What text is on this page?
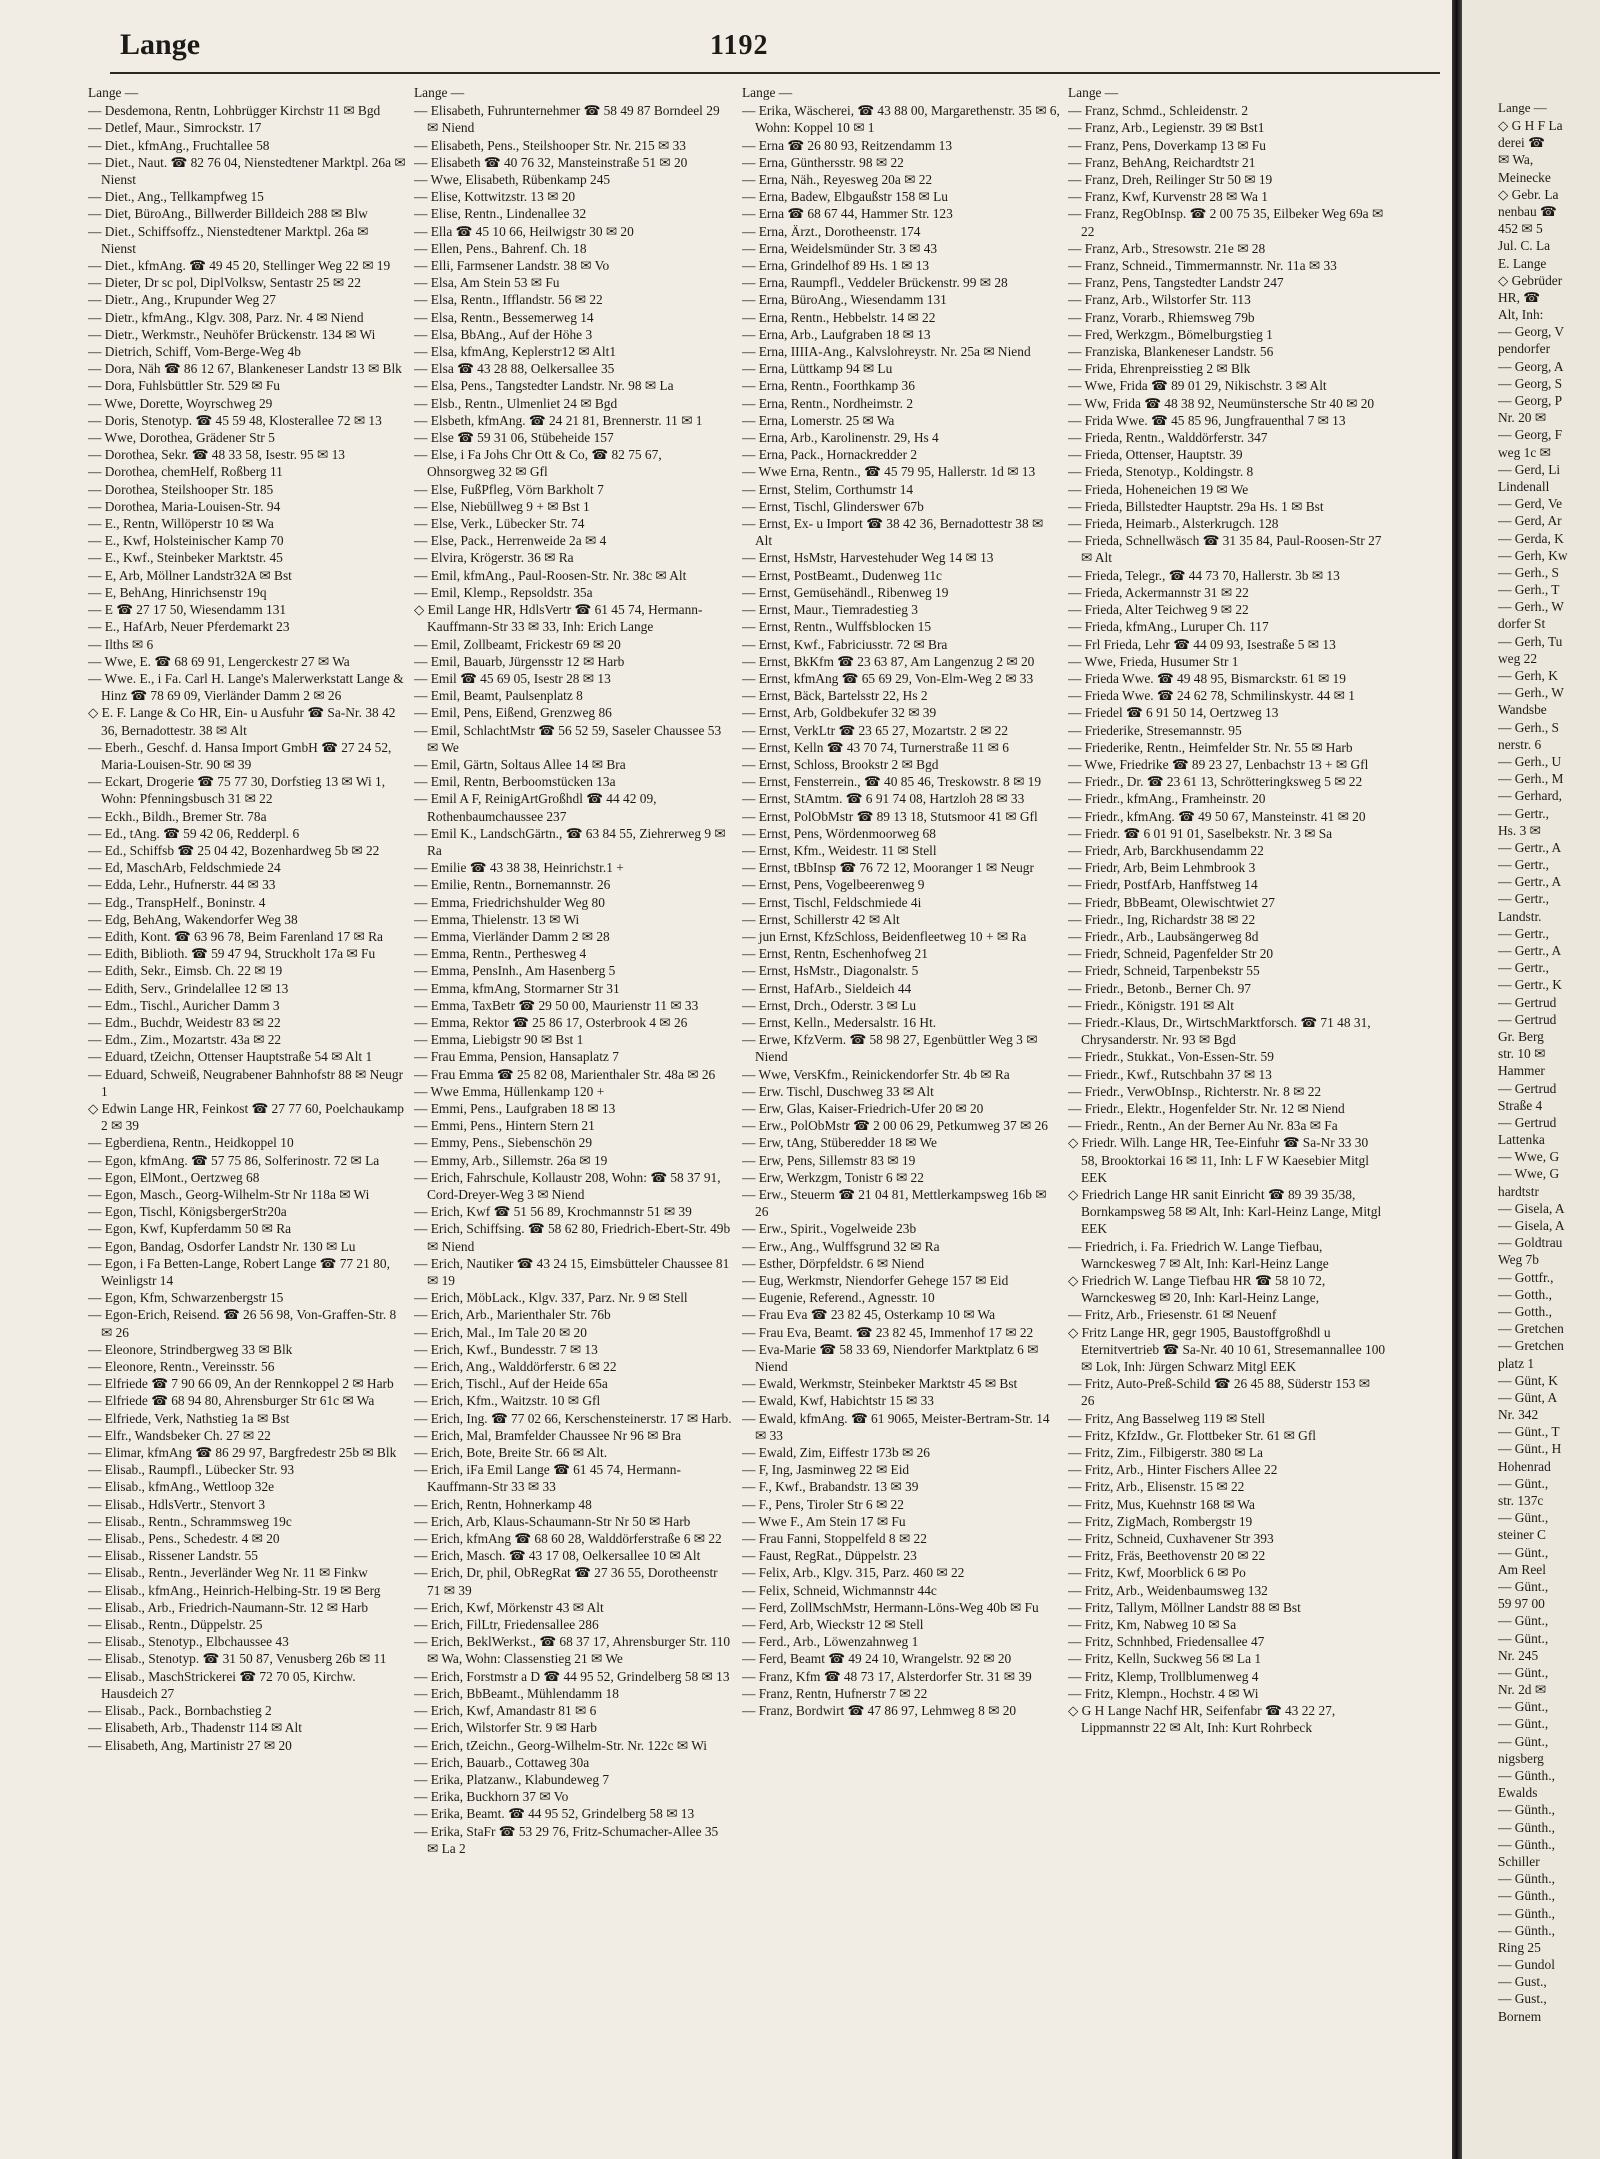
Lange	1192
Lange —
— Desdemona, Rentn, Lohbrügger Kirchstr 11 ✉ Bgd
— Detlef, Maur., Simrockstr. 17
— Diet., kfmAng., Fruchtallee 58
— Diet., Naut. ☎ 82 76 04, Nienstedtener Marktpl. 26a ✉ Nienst
— Diet., Ang., Tellkampfweg 15
— Diet, BüroAng., Billwerder Billdeich 288 ✉ Blw
— Diet., Schiffsoffz., Nienstedtener Marktpl. 26a ✉ Nienst
— Diet., kfmAng. ☎ 49 45 20, Stellinger Weg 22 ✉ 19
— Dieter, Dr sc pol, DiplVolksw, Sentastr 25 ✉ 22
— Dietr., Ang., Krupunder Weg 27
— Dietr., kfmAng., Klgv. 308, Parz. Nr. 4 ✉ Niend
— Dietr., Werkmstr., Neuhöfer Brückenstr. 134 ✉ Wi
— Dietrich, Schiff, Vom-Berge-Weg 4b
— Dora, Näh ☎ 86 12 67, Blankeneser Landstr 13 ✉ Blk
— Dora, Fuhlsbüttler Str. 529 ✉ Fu
— Wwe, Dorette, Woyrschweg 29
— Doris, Stenotyp. ☎ 45 59 48, Klosterallee 72 ✉ 13
— Wwe, Dorothea, Grädener Str 5
— Dorothea, Sekr. ☎ 48 33 58, Isestr. 95 ✉ 13
— Dorothea, chemHelf, Roßberg 11
— Dorothea, Steilshooper Str. 185
— Dorothea, Maria-Louisen-Str. 94
— E., Rentn, Willöperstr 10 ✉ Wa
— E., Kwf, Holsteinischer Kamp 70
— E., Kwf., Steinbeker Marktstr. 45
— E, Arb, Möllner Landstr32A ✉ Bst
— E, BehAng, Hinrichsenstr 19q
— E ☎ 27 17 50, Wiesendamm 131
— E., HafArb, Neuer Pferdemarkt 23
— Ilths ✉ 6
— Wwe, E. ☎ 68 69 91, Lengerckestr 27 ✉ Wa
— Wwe. E., i Fa. Carl H. Lange's Malerwerkstatt Lange & Hinz ☎ 78 69 09, Vierländer Damm 2 ✉ 26
◇ E. F. Lange & Co HR, Ein- u Ausfuhr ☎ Sa-Nr. 38 42 36, Bernadottestr. 38 ✉ Alt
— Eberh., Geschf. d. Hansa Import GmbH ☎ 27 24 52, Maria-Louisen-Str. 90 ✉ 39
— Eckart, Drogerie ☎ 75 77 30, Dorfstieg 13 ✉ Wi 1, Wohn: Pfenningsbusch 31 ✉ 22
— Eckh., Bildh., Bremer Str. 78a
— Ed., tAng. ☎ 59 42 06, Redderpl. 6
— Ed., Schiffsb ☎ 25 04 42, Bozenhardweg 5b ✉ 22
— Ed, MaschArb, Feldschmiede 24
— Edda, Lehr., Hufnerstr. 44 ✉ 33
— Edg., TranspHelf., Boninstr. 4
— Edg, BehAng, Wakendorfer Weg 38
— Edith, Kont. ☎ 63 96 78, Beim Farenland 17 ✉ Ra
— Edith, Biblioth. ☎ 59 47 94, Struckholt 17a ✉ Fu
— Edith, Sekr., Eimsb. Ch. 22 ✉ 19
— Edith, Serv., Grindelallee 12 ✉ 13
— Edm., Tischl., Auricher Damm 3
— Edm., Buchdr, Weidestr 83 ✉ 22
— Edm., Zim., Mozartstr. 43a ✉ 22
— Eduard, tZeichn, Ottenser Hauptstraße 54 ✉ Alt 1
— Eduard, Schweiß, Neugrabener Bahnhofstr 88 ✉ Neugr 1
◇ Edwin Lange HR, Feinkost ☎ 27 77 60, Poelchaukamp 2 ✉ 39
— Egberdiena, Rentn., Heidkoppel 10
— Egon, kfmAng. ☎ 57 75 86, Solferinostr. 72 ✉ La
— Egon, ElMont., Oertzweg 68
— Egon, Masch., Georg-Wilhelm-Str Nr 118a ✉ Wi
— Egon, Tischl, KönigsbergerStr20a
— Egon, Kwf, Kupferdamm 50 ✉ Ra
— Egon, Bandag, Osdorfer Landstr Nr. 130 ✉ Lu
— Egon, i Fa Betten-Lange, Robert Lange ☎ 77 21 80, Weinligstr 14
— Egon, Kfm, Schwarzenbergstr 15
— Egon-Erich, Reisend. ☎ 26 56 98, Von-Graffen-Str. 8 ✉ 26
— Eleonore, Strindbergweg 33 ✉ Blk
— Eleonore, Rentn., Vereinsstr. 56
— Elfriede ☎ 7 90 66 09, An der Rennkoppel 2 ✉ Harb
— Elfriede ☎ 68 94 80, Ahrensburger Str 61c ✉ Wa
— Elfriede, Verk, Nathstieg 1a ✉ Bst
— Elfr., Wandsbeker Ch. 27 ✉ 22
— Elimar, kfmAng ☎ 86 29 97, Bargfredestr 25b ✉ Blk
— Elisab., Raumpfl., Lübecker Str. 93
— Elisab., kfmAng., Wettloop 32e
— Elisab., HdlsVertr., Stenvort 3
— Elisab., Rentn., Schrammsweg 19c
— Elisab., Pens., Schedestr. 4 ✉ 20
— Elisab., Rissener Landstr. 55
— Elisab., Rentn., Jeverländer Weg Nr. 11 ✉ Finkw
— Elisab., kfmAng., Heinrich-Helbing-Str. 19 ✉ Berg
— Elisab., Arb., Friedrich-Naumann-Str. 12 ✉ Harb
— Elisab., Rentn., Düppelstr. 25
— Elisab., Stenotyp., Elbchaussee 43
— Elisab., Stenotyp. ☎ 31 50 87, Venusberg 26b ✉ 11
— Elisab., MaschStrickerei ☎ 72 70 05, Kirchw. Hausdeich 27
— Elisab., Pack., Bornbachstieg 2
— Elisabeth, Arb., Thadenstr 114 ✉ Alt
— Elisabeth, Ang, Martinistr 27 ✉ 20
Lange —
— Elisabeth, Fuhrunternehmer ☎ 58 49 87 Borndeel 29 ✉ Niend
— Elisabeth, Pens., Steilshooper Str. Nr. 215 ✉ 33
— Elisabeth ☎ 40 76 32, Mansteinstraße 51 ✉ 20
— Wwe, Elisabeth, Rübenkamp 245
— Elise, Kottwitzstr. 13 ✉ 20
— Elise, Rentn., Lindenallee 32
— Ella ☎ 45 10 66, Heilwigstr 30 ✉ 20
— Ellen, Pens., Bahrenf. Ch. 18
— Elli, Farmsener Landstr. 38 ✉ Vo
— Elsa, Am Stein 53 ✉ Fu
— Elsa, Rentn., Ifflandstr. 56 ✉ 22
— Elsa, Rentn., Bessemerweg 14
— Elsa, BbAng., Auf der Höhe 3
— Elsa, kfmAng, Keplerstr12 ✉ Alt1
— Elsa ☎ 43 28 88, Oelkersallee 35
— Elsa, Pens., Tangstedter Landstr. Nr. 98 ✉ La
— Elsb., Rentn., Ulmenliet 24 ✉ Bgd
— Elsbeth, kfmAng. ☎ 24 21 81, Brennerstr. 11 ✉ 1
— Else ☎ 59 31 06, Stübeheide 157
— Else, i Fa Johs Chr Ott & Co, ☎ 82 75 67, Ohnsorgweg 32 ✉ Gfl
— Else, FußPfleg, Vörn Barkholt 7
— Else, Niebüllweg 9 + ✉ Bst 1
— Else, Verk., Lübecker Str. 74
— Else, Pack., Herrenweide 2a ✉ 4
— Elvira, Krögerstr. 36 ✉ Ra
— Emil, kfmAng., Paul-Roosen-Str. Nr. 38c ✉ Alt
— Emil, Klemp., Repsoldstr. 35a
◇ Emil Lange HR, HdlsVertr ☎ 61 45 74, Hermann-Kauffmann-Str 33 ✉ 33, Inh: Erich Lange
— Emil, Zollbeamt, Frickestr 69 ✉ 20
— Emil, Bauarb, Jürgensstr 12 ✉ Harb
— Emil ☎ 45 69 05, Isestr 28 ✉ 13
— Emil, Beamt, Paulsenplatz 8
— Emil, Pens, Eißend, Grenzweg 86
— Emil, SchlachtMstr ☎ 56 52 59, Saseler Chaussee 53 ✉ We
— Emil, Gärtn, Soltaus Allee 14 ✉ Bra
— Emil, Rentn, Berboomstücken 13a
— Emil A F, ReinigArtGroßhdl ☎ 44 42 09, Rothenbaumchaussee 237
— Emil K., LandschGärtn., ☎ 63 84 55, Ziehrerweg 9 ✉ Ra
— Emilie ☎ 43 38 38, Heinrichstr.1 +
— Emilie, Rentn., Bornemannstr. 26
— Emma, Friedrichshulder Weg 80
— Emma, Thielenstr. 13 ✉ Wi
— Emma, Vierländer Damm 2 ✉ 28
— Emma, Rentn., Perthesweg 4
— Emma, PensInh., Am Hasenberg 5
— Emma, kfmAng, Stormarner Str 31
— Emma, TaxBetr ☎ 29 50 00, Maurienstr 11 ✉ 33
— Emma, Rektor ☎ 25 86 17, Osterbrook 4 ✉ 26
— Emma, Liebigstr 90 ✉ Bst 1
— Frau Emma, Pension, Hansaplatz 7
— Frau Emma ☎ 25 82 08, Marienthaler Str. 48a ✉ 26
— Wwe Emma, Hüllenkamp 120 +
— Emmi, Pens., Laufgraben 18 ✉ 13
— Emmi, Pens., Hintern Stern 21
— Emmy, Pens., Siebenschön 29
— Emmy, Arb., Sillemstr. 26a ✉ 19
— Erich, Fahrschule, Kollaustr 208, Wohn: ☎ 58 37 91, Cord-Dreyer-Weg 3 ✉ Niend
— Erich, Kwf ☎ 51 56 89, Krochmannstr 51 ✉ 39
— Erich, Schiffsing. ☎ 58 62 80, Friedrich-Ebert-Str. 49b ✉ Niend
— Erich, Nautiker ☎ 43 24 15, Eimsbütteler Chaussee 81 ✉ 19
— Erich, MöbLack., Klgv. 337, Parz. Nr. 9 ✉ Stell
— Erich, Arb., Marienthaler Str. 76b
— Erich, Mal., Im Tale 20 ✉ 20
— Erich, Kwf., Bundesstr. 7 ✉ 13
— Erich, Ang., Walddörferstr. 6 ✉ 22
— Erich, Tischl., Auf der Heide 65a
— Erich, Kfm., Waitzstr. 10 ✉ Gfl
— Erich, Ing. ☎ 77 02 66, Kerschensteinerstr. 17 ✉ Harb.
— Erich, Mal, Bramfelder Chaussee Nr 96 ✉ Bra
— Erich, Bote, Breite Str. 66 ✉ Alt.
— Erich, iFa Emil Lange ☎ 61 45 74, Hermann-Kauffmann-Str 33 ✉ 33
— Erich, Rentn, Hohnerkamp 48
— Erich, Arb, Klaus-Schaumann-Str Nr 50 ✉ Harb
— Erich, kfmAng ☎ 68 60 28, Walddörferstraße 6 ✉ 22
— Erich, Masch. ☎ 43 17 08, Oelkersallee 10 ✉ Alt
— Erich, Dr, phil, ObRegRat ☎ 27 36 55, Dorotheenstr 71 ✉ 39
— Erich, Kwf, Mörkenstr 43 ✉ Alt
— Erich, FilLtr, Friedensallee 286
— Erich, BeklWerkst., ☎ 68 37 17, Ahrensburger Str. 110 ✉ Wa, Wohn: Classenstieg 21 ✉ We
— Erich, Forstmstr a D ☎ 44 95 52, Grindelberg 58 ✉ 13
— Erich, BbBeamt., Mühlendamm 18
— Erich, Kwf, Amandastr 81 ✉ 6
— Erich, Wilstorfer Str. 9 ✉ Harb
— Erich, tZeichn., Georg-Wilhelm-Str. Nr. 122c ✉ Wi
— Erich, Bauarb., Cottaweg 30a
— Erika, Platzanw., Klabundeweg 7
— Erika, Buckhorn 37 ✉ Vo
— Erika, Beamt. ☎ 44 95 52, Grindelberg 58 ✉ 13
— Erika, StaFr ☎ 53 29 76, Fritz-Schumacher-Allee 35 ✉ La 2
Lange —
— Erika, Wäscherei, ☎ 43 88 00, Margarethenstr. 35 ✉ 6, Wohn: Koppel 10 ✉ 1
— Erna ☎ 26 80 93, Reitzendamm 13
— Erna, Günthersstr. 98 ✉ 22
— Erna, Näh., Reyesweg 20a ✉ 22
— Erna, Badew, Elbgaußstr 158 ✉ Lu
— Erna ☎ 68 67 44, Hammer Str. 123
— Erna, Ärzt., Dorotheenstr. 174
— Erna, Weidelsmünder Str. 3 ✉ 43
— Erna, Grindelhof 89 Hs. 1 ✉ 13
— Erna, Raumpfl., Veddeler Brückenstr. 99 ✉ 28
— Erna, BüroAng., Wiesendamm 131
— Erna, Rentn., Hebbelstr. 14 ✉ 22
— Erna, Arb., Laufgraben 18 ✉ 13
— Erna, IIIIA-Ang., Kalvslohreystr. Nr. 25a ✉ Niend
— Erna, Lüttkamp 94 ✉ Lu
— Erna, Rentn., Foorthkamp 36
— Erna, Rentn., Nordheimstr. 2
— Erna, Lomerstr. 25 ✉ Wa
— Erna, Arb., Karolinenstr. 29, Hs 4
— Erna, Pack., Hornackredder 2
— Wwe Erna, Rentn., ☎ 45 79 95, Hallerstr. 1d ✉ 13
— Ernst, Stelim, Corthumstr 14
— Ernst, Tischl, Glinderswег 67b
— Ernst, Ex- u Import ☎ 38 42 36, Bernadottestr 38 ✉ Alt
— Ernst, HsMstr, Harvestehuder Weg 14 ✉ 13
— Ernst, PostBeamt., Dudenweg 11c
— Ernst, Gemüsehändl., Ribenweg 19
— Ernst, Maur., Tiemradestieg 3
— Ernst, Rentn., Wulffsblocken 15
— Ernst, Kwf., Fabriciusstr. 72 ✉ Bra
— Ernst, BkKfm ☎ 23 63 87, Am Langenzug 2 ✉ 20
— Ernst, kfmAng ☎ 65 69 29, Von-Elm-Weg 2 ✉ 33
— Ernst, Bäck, Bartelsstr 22, Hs 2
— Ernst, Arb, Goldbekufer 32 ✉ 39
— Ernst, VerkLtr ☎ 23 65 27, Mozartstr. 2 ✉ 22
— Ernst, Kelln ☎ 43 70 74, Turnerstraße 11 ✉ 6
— Ernst, Schloss, Brookstr 2 ✉ Bgd
— Ernst, Fensterrein., ☎ 40 85 46, Treskowstr. 8 ✉ 19
— Ernst, StAmtm. ☎ 6 91 74 08, Hartzloh 28 ✉ 33
— Ernst, PolObMstr ☎ 89 13 18, Stutsmoor 41 ✉ Gfl
— Ernst, Pens, Wördenmoorweg 68
— Ernst, Kfm., Weidestr. 11 ✉ Stell
— Ernst, tBbInsp ☎ 76 72 12, Mooranger 1 ✉ Neugr
— Ernst, Pens, Vogelbeerenweg 9
— Ernst, Tischl, Feldschmiede 4i
— Ernst, Schillerstr 42 ✉ Alt
— jun Ernst, KfzSchloss, Beidenfleetweg 10 + ✉ Ra
— Ernst, Rentn, Eschenhofweg 21
— Ernst, HsMstr., Diagonalstr. 5
— Ernst, HafArb., Sieldeich 44
— Ernst, Drch., Oderstr. 3 ✉ Lu
— Ernst, Kelln., Medersalstr. 16 Ht.
— Erwe, KfzVerm. ☎ 58 98 27, Egenbüttler Weg 3 ✉ Niend
— Wwe, VersKfm., Reinickendorfer Str. 4b ✉ Ra
— Erw. Tischl, Duschweg 33 ✉ Alt
— Erw, Glas, Kaiser-Friedrich-Ufer 20 ✉ 20
— Erw., PolObMstr ☎ 2 00 06 29, Petkumweg 37 ✉ 26
— Erw, tAng, Stüberedder 18 ✉ We
— Erw, Pens, Sillemstr 83 ✉ 19
— Erw, Werkzgm, Tonistr 6 ✉ 22
— Erw., Steuerm ☎ 21 04 81, Mettlerkampsweg 16b ✉ 26
— Erw., Spirit., Vogelweide 23b
— Erw., Ang., Wulffsgrund 32 ✉ Ra
— Esther, Dörpfeldstr. 6 ✉ Niend
— Eug, Werkmstr, Niendorfer Gehege 157 ✉ Eid
— Eugenie, Referend., Agnesstr. 10
— Frau Eva ☎ 23 82 45, Osterkamp 10 ✉ Wa
— Frau Eva, Beamt. ☎ 23 82 45, Immenhof 17 ✉ 22
— Eva-Marie ☎ 58 33 69, Niendorfer Marktplatz 6 ✉ Niend
— Ewald, Werkmstr, Steinbeker Marktstr 45 ✉ Bst
— Ewald, Kwf, Habichtstr 15 ✉ 33
— Ewald, kfmAng. ☎ 61 9065, Meister-Bertram-Str. 14 ✉ 33
— Ewald, Zim, Eiffestr 173b ✉ 26
— F, Ing, Jasminweg 22 ✉ Eid
— F., Kwf., Brabandstr. 13 ✉ 39
— F., Pens, Tiroler Str 6 ✉ 22
— Wwe F., Am Stein 17 ✉ Fu
— Frau Fanni, Stoppelfeld 8 ✉ 22
— Faust, RegRat., Düppelstr. 23
— Felix, Arb., Klgv. 315, Parz. 460 ✉ 22
— Felix, Schneid, Wichmannstr 44c
— Ferd, ZollMschMstr, Hermann-Löns-Weg 40b ✉ Fu
— Ferd, Arb, Wieckstr 12 ✉ Stell
— Ferd., Arb., Löwenzahnweg 1
— Ferd, Beamt ☎ 49 24 10, Wrangelstr. 92 ✉ 20
— Franz, Kfm ☎ 48 73 17, Alsterdorfer Str. 31 ✉ 39
— Franz, Rentn, Hufnerstr 7 ✉ 22
— Franz, Bordwirt ☎ 47 86 97, Lehmweg 8 ✉ 20
Lange —
— Franz, Schmd., Schleidenstr. 2
— Franz, Arb., Legienstr. 39 ✉ Bst1
— Franz, Pens, Doverkamp 13 ✉ Fu
— Franz, BehAng, Reichardtstr 21
— Franz, Dreh, Reilinger Str 50 ✉ 19
— Franz, Kwf, Kurvenstr 28 ✉ Wa 1
— Franz, RegObInsp. ☎ 2 00 75 35, Eilbeker Weg 69a ✉ 22
— Franz, Arb., Stresowstr. 21e ✉ 28
— Franz, Schneid., Timmermannstr. Nr. 11a ✉ 33
— Franz, Pens, Tangstedter Landstr 247
— Franz, Arb., Wilstorfer Str. 113
— Franz, Vorarb., Rhiemsweg 79b
— Fred, Werkzgm., Bömelburgstieg 1
— Franziska, Blankeneser Landstr. 56
— Frida, Ehrenpreisstieg 2 ✉ Blk
— Wwe, Frida ☎ 89 01 29, Nikischstr. 3 ✉ Alt
— Ww, Frida ☎ 48 38 92, Neumünstersche Str 40 ✉ 20
— Frida Wwe. ☎ 45 85 96, Jungfrauenthal 7 ✉ 13
— Frieda, Rentn., Walddörferstr. 347
— Frieda, Ottenser, Hauptstr. 39
— Frieda, Stenotyp., Koldingstr. 8
— Frieda, Hoheneichen 19 ✉ We
— Frieda, Billstedter Hauptstr. 29a Hs. 1 ✉ Bst
— Frieda, Heimarb., Alsterkrugch. 128
— Frieda, Schnellwäsch ☎ 31 35 84, Paul-Roosen-Str 27 ✉ Alt
— Frieda, Telegr., ☎ 44 73 70, Hallerstr. 3b ✉ 13
— Frieda, Ackermannstr 31 ✉ 22
— Frieda, Alter Teichweg 9 ✉ 22
— Frieda, kfmAng., Luruper Ch. 117
— Frl Frieda, Lehr ☎ 44 09 93, Isestraße 5 ✉ 13
— Wwe, Frieda, Husumer Str 1
— Frieda Wwe. ☎ 49 48 95, Bismarckstr. 61 ✉ 19
— Frieda Wwe. ☎ 24 62 78, Schmilinskystr. 44 ✉ 1
— Friedel ☎ 6 91 50 14, Oertzweg 13
— Friederike, Stresemannstr. 95
— Friederike, Rentn., Heimfelder Str. Nr. 55 ✉ Harb
— Wwe, Friedrike ☎ 89 23 27, Lenbachstr 13 + ✉ Gfl
— Friedr., Dr. ☎ 23 61 13, Schrötteringksweg 5 ✉ 22
— Friedr., kfmAng., Framheinstr. 20
— Friedr., kfmAng. ☎ 49 50 67, Mansteinstr. 41 ✉ 20
— Friedr. ☎ 6 01 91 01, Saselbekstr. Nr. 3 ✉ Sa
— Friedr, Arb, Barckhusendamm 22
— Friedr, Arb, Beim Lehmbrook 3
— Friedr, PostfArb, Hanffstweg 14
— Friedr, BbBeamt, Olewischtwiet 27
— Friedr., Ing, Richardstr 38 ✉ 22
— Friedr., Arb., Laubsängerweg 8d
— Friedr, Schneid, Pagenfelder Str 20
— Friedr, Schneid, Tarpenbekstr 55
— Friedr., Betonb., Berner Ch. 97
— Friedr., Königstr. 191 ✉ Alt
— Friedr.-Klaus, Dr., WirtschMarktforsch. ☎ 71 48 31, Chrysanderstr. Nr. 93 ✉ Bgd
— Friedr., Stukkat., Von-Essen-Str. 59
— Friedr., Kwf., Rutschbahn 37 ✉ 13
— Friedr., VerwObInsp., Richterstr. Nr. 8 ✉ 22
— Friedr., Elektr., Hogenfelder Str. Nr. 12 ✉ Niend
— Friedr., Rentn., An der Berner Au Nr. 83a ✉ Fa
◇ Friedr. Wilh. Lange HR, Tee-Einfuhr ☎ Sa-Nr 33 30 58, Brooktorkai 16 ✉ 11, Inh: L F W Kaesebier Mitgl EEK
◇ Friedrich Lange HR sanit Einricht ☎ 89 39 35/38, Bornkampsweg 58 ✉ Alt, Inh: Karl-Heinz Lange, Mitgl EEK
— Friedrich, i. Fa. Friedrich W. Lange Tiefbau, Warnckesweg 7 ✉ Alt, Inh: Karl-Heinz Lange
◇ Friedrich W. Lange Tiefbau HR ☎ 58 10 72, Warnckesweg ✉ 20, Inh: Karl-Heinz Lange,
— Fritz, Arb., Friesenstr. 61 ✉ Neuenf
◇ Fritz Lange HR, gegr 1905, Baustoffgroßhdl u Eternitvertrieb ☎ Sa-Nr. 40 10 61, Stresemannallee 100 ✉ Lok, Inh: Jürgen Schwarz Mitgl EEK
— Fritz, Auto-Preß-Schild ☎ 26 45 88, Süderstr 153 ✉ 26
— Fritz, Ang Basselweg 119 ✉ Stell
— Fritz, KfzIdw., Gr. Flottbeker Str. 61 ✉ Gfl
— Fritz, Zim., Filbigerstr. 380 ✉ La
— Fritz, Arb., Hinter Fischers Allee 22
— Fritz, Arb., Elisenstr. 15 ✉ 22
— Fritz, Mus, Kuehnstr 168 ✉ Wa
— Fritz, ZigMach, Rombergstr 19
— Fritz, Schneid, Cuxhavener Str 393
— Fritz, Fräs, Beethovenstr 20 ✉ 22
— Fritz, Kwf, Moorblick 6 ✉ Po
— Fritz, Arb., Weidenbaumsweg 132
— Fritz, Tallym, Möllner Landstr 88 ✉ Bst
— Fritz, Km, Nabweg 10 ✉ Sa
— Fritz, Schnhbed, Friedensallee 47
— Fritz, Kelln, Suckweg 56 ✉ La 1
— Fritz, Klemp, Trollblumenweg 4
— Fritz, Klempn., Hochstr. 4 ✉ Wi
◇ G H Lange Nachf HR, Seifenfabr ☎ 43 22 27, Lippmannstr 22 ✉ Alt, Inh: Kurt Rohrbeck
Lange —
◇ G H F La
derei ☎
✉ Wa,
Meinecke
◇ Gebr. La
nenbau ☎
452 ✉ 5
Jul. C. La
E. Lange
◇ Gebrüder
HR, ☎
Alt, Inh:
— Georg, V
pendorfer
— Georg, A
— Georg, S
— Georg, P
Nr. 20 ✉
— Georg, F
weg 1c ✉
— Gerd, Li
Lindenall
— Gerd, Ve
— Gerd, Ar
— Gerda, K
— Gerh, Kw
— Gerh., S
— Gerh., T
— Gerh., W
dorfer St
— Gerh, Tu
weg 22
— Gerh, K
— Gerh., W
Wandsbe
— Gerh., S
nerstr. 6
— Gerh., U
— Gerh., M
— Gerhard,
— Gertr.,
Hs. 3 ✉
— Gertr., A
— Gertr.,
— Gertr., A
— Gertr.,
Landstr.
— Gertr.,
— Gertr., A
— Gertr.,
— Gertr., K
— Gertrud
— Gertrud
Gr. Berg
str. 10 ✉
Hammer
— Gertrud
Straße 4
— Gertrud
Lattenka
— Wwe, G
— Wwe, G
hardtstr
— Gisela, A
— Gisela, A
— Goldtrau
Weg 7b
— Gottfr.,
— Gotth.,
— Gotth.,
— Gretchen
— Gretchen
platz 1
— Günt, K
— Günt, A
Nr. 342
— Günt., T
— Günt., H
Hohenrad
— Günt.,
str. 137c
— Günt.,
steiner C
— Günt.,
Am Reel
— Günt.,
59 97 00
— Günt.,
— Günt.,
Nr. 245
— Günt.,
Nr. 2d ✉
— Günt.,
— Günt.,
— Günt.,
nigsberg
— Günth.,
Ewalds
— Günth.,
— Günth.,
— Günth.,
Schiller
— Günth.,
— Günth.,
— Günth.,
— Günth.,
Ring 25
— Gundol
— Gust.,
— Gust.,
Bornem
